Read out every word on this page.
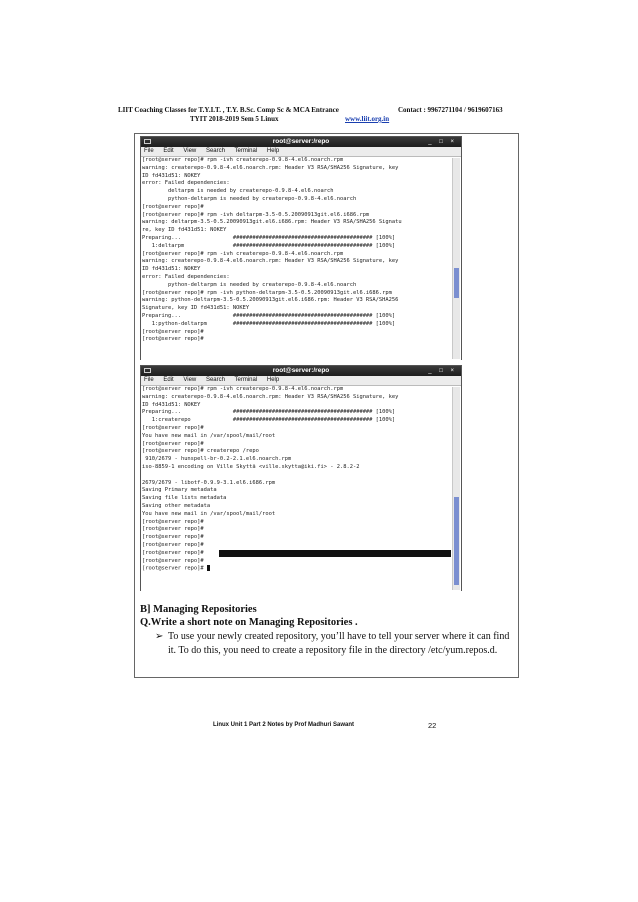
LIIT Coaching Classes for T.Y.I.T. , T.Y. B.Sc. Comp Sc & MCA Entrance	Contact : 9967271104 / 9619607163
TYIT 2018-2019 Sem 5 Linux	www.liit.org.in
root@server:/repo	_ □ ×
File Edit View Search Terminal Help
[root@server repo]# rpm -ivh createrepo-0.9.8-4.el6.noarch.rpm
warning: createrepo-0.9.8-4.el6.noarch.rpm: Header V3 RSA/SHA256 Signature, key
ID fd431d51: NOKEY
error: Failed dependencies:
deltarpm is needed by createrepo-0.9.8-4.el6.noarch
python-deltarpm is needed by createrepo-0.9.8-4.el6.noarch
[root@server repo]#
[root@server repo]# rpm -ivh deltarpm-3.5-0.5.20090913git.el6.i686.rpm
warning: deltarpm-3.5-0.5.20090913git.el6.i686.rpm: Header V3 RSA/SHA256 Signatu
re, key ID fd431d51: NOKEY
Preparing...                ########################################### [100%]
1:deltarpm               ########################################### [100%]
[root@server repo]# rpm -ivh createrepo-0.9.8-4.el6.noarch.rpm
warning: createrepo-0.9.8-4.el6.noarch.rpm: Header V3 RSA/SHA256 Signature, key
ID fd431d51: NOKEY
error: Failed dependencies:
python-deltarpm is needed by createrepo-0.9.8-4.el6.noarch
[root@server repo]# rpm -ivh python-deltarpm-3.5-0.5.20090913git.el6.i686.rpm
warning: python-deltarpm-3.5-0.5.20090913git.el6.i686.rpm: Header V3 RSA/SHA256
Signature, key ID fd431d51: NOKEY
Preparing...                ########################################### [100%]
1:python-deltarpm        ########################################### [100%]
[root@server repo]#
[root@server repo]#
root@server:/repo	_ □ ×
File Edit View Search Terminal Help
[root@server repo]# rpm -ivh createrepo-0.9.8-4.el6.noarch.rpm
warning: createrepo-0.9.8-4.el6.noarch.rpm: Header V3 RSA/SHA256 Signature, key
ID fd431d51: NOKEY
Preparing...                ########################################### [100%]
1:createrepo             ########################################### [100%]
[root@server repo]#
You have new mail in /var/spool/mail/root
[root@server repo]#
[root@server repo]# createrepo /repo
910/2679 - hunspell-br-0.2-2.1.el6.noarch.rpm
iso-8859-1 encoding on Ville Skyttä <ville.skytta@iki.fi> - 2.8.2-2

2679/2679 - libotf-0.9.9-3.1.el6.i686.rpm
Saving Primary metadata
Saving file lists metadata
Saving other metadata
You have new mail in /var/spool/mail/root
[root@server repo]#
[root@server repo]#
[root@server repo]#
[root@server repo]#
[root@server repo]#
[root@server repo]#
[root@server repo]#
B] Managing Repositories
Q.Write a short note on Managing Repositories .
➢ To use your newly created repository, you’ll have to tell your server where it can find it. To do this, you need to create a repository file in the directory /etc/yum.repos.d.
Linux Unit 1 Part 2 Notes by Prof Madhuri Sawant	22
